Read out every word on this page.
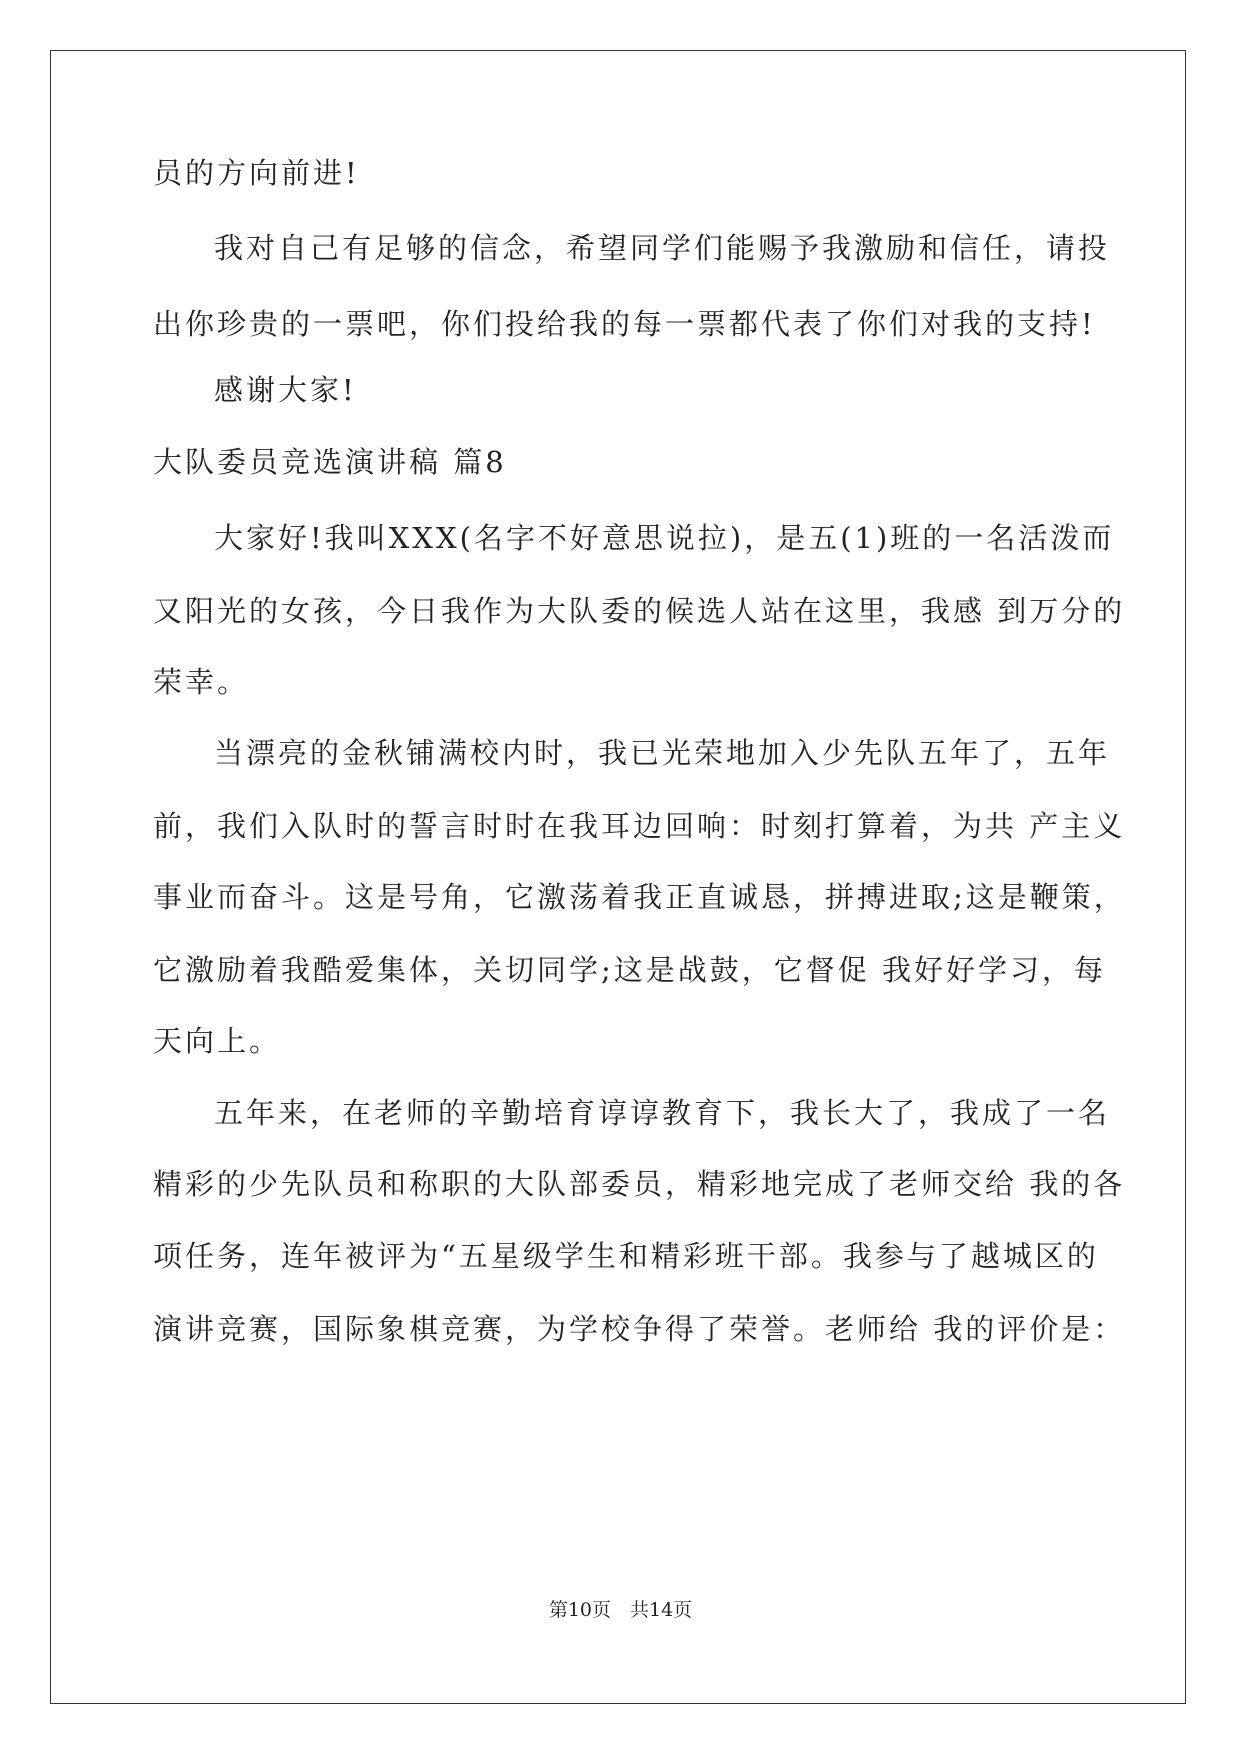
员的方向前进!
我对自己有足够的信念，希望同学们能赐予我激励和信任，请投
出你珍贵的一票吧，你们投给我的每一票都代表了你们对我的支持!
感谢大家!
大队委员竞选演讲稿 篇8
大家好!我叫XXX(名字不好意思说拉)，是五(1)班的一名活泼而
又阳光的女孩，今日我作为大队委的候选人站在这里，我感 到万分的
荣幸。
当漂亮的金秋铺满校内时，我已光荣地加入少先队五年了，五年
前，我们入队时的誓言时时在我耳边回响：时刻打算着，为共 产主义
事业而奋斗。这是号角，它激荡着我正直诚恳，拼搏进取;这是鞭策，
它激励着我酷爱集体，关切同学;这是战鼓，它督促 我好好学习，每
天向上。
五年来，在老师的辛勤培育谆谆教育下，我长大了，我成了一名
精彩的少先队员和称职的大队部委员，精彩地完成了老师交给 我的各
项任务，连年被评为“五星级学生和精彩班干部。我参与了越城区的
演讲竞赛，国际象棋竞赛，为学校争得了荣誉。老师给 我的评价是：
第10页　共14页
